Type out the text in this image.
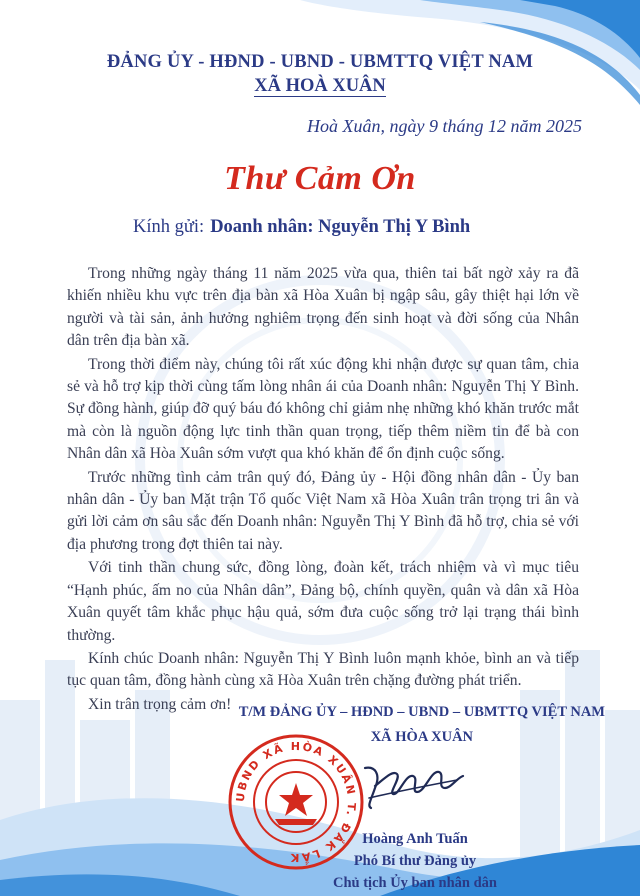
ĐẢNG ỦY - HĐND - UBND - UBMTTQ VIỆT NAM
XÃ HOÀ XUÂN
Hoà Xuân, ngày 9 tháng 12 năm 2025
Thư Cảm Ơn
Kính gửi: Doanh nhân: Nguyễn Thị Y Bình

Trong những ngày tháng 11 năm 2025 vừa qua, thiên tai bất ngờ xảy ra đã khiến nhiều khu vực trên địa bàn xã Hòa Xuân bị ngập sâu, gây thiệt hại lớn về người và tài sản, ảnh hưởng nghiêm trọng đến sinh hoạt và đời sống của Nhân dân trên địa bàn xã.

Trong thời điểm này, chúng tôi rất xúc động khi nhận được sự quan tâm, chia sẻ và hỗ trợ kịp thời cùng tấm lòng nhân ái của Doanh nhân: Nguyễn Thị Y Bình. Sự đồng hành, giúp đỡ quý báu đó không chỉ giảm nhẹ những khó khăn trước mắt mà còn là nguồn động lực tinh thần quan trọng, tiếp thêm niềm tin để bà con Nhân dân xã Hòa Xuân sớm vượt qua khó khăn để ổn định cuộc sống.

Trước những tình cảm trân quý đó, Đảng ủy - Hội đồng nhân dân - Ủy ban nhân dân - Ủy ban Mặt trận Tổ quốc Việt Nam xã Hòa Xuân trân trọng tri ân và gửi lời cảm ơn sâu sắc đến Doanh nhân: Nguyễn Thị Y Bình đã hỗ trợ, chia sẻ với địa phương trong đợt thiên tai này.

Với tinh thần chung sức, đồng lòng, đoàn kết, trách nhiệm và vì mục tiêu “Hạnh phúc, ấm no của Nhân dân”, Đảng bộ, chính quyền, quân và dân xã Hòa Xuân quyết tâm khắc phục hậu quả, sớm đưa cuộc sống trở lại trạng thái bình thường.

Kính chúc Doanh nhân: Nguyễn Thị Y Bình luôn mạnh khỏe, bình an và tiếp tục quan tâm, đồng hành cùng xã Hòa Xuân trên chặng đường phát triển.

Xin trân trọng cảm ơn! T/M ĐẢNG ỦY – HĐND – UBND – UBMTTQ VIỆT NAM
XÃ HÒA XUÂN
UBND XÃ HÒA XUÂN T. ĐẮK LẮK
Hoàng Anh Tuấn
Phó Bí thư Đảng ủy
Chủ tịch Ủy ban nhân dân
